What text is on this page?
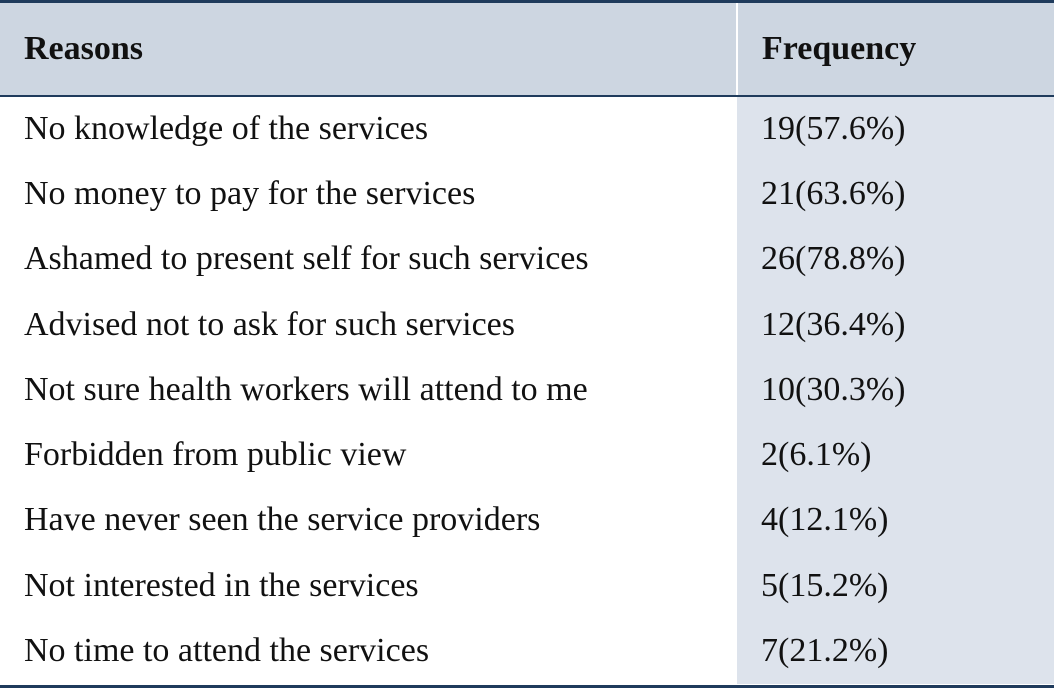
Reasons	Frequency
No knowledge of the services	19(57.6%)
No money to pay for the services	21(63.6%)
Ashamed to present self for such services	26(78.8%)
Advised not to ask for such services	12(36.4%)
Not sure health workers will attend to me	10(30.3%)
Forbidden from public view	2(6.1%)
Have never seen the service providers	4(12.1%)
Not interested in the services	5(15.2%)
No time to attend the services	7(21.2%)
